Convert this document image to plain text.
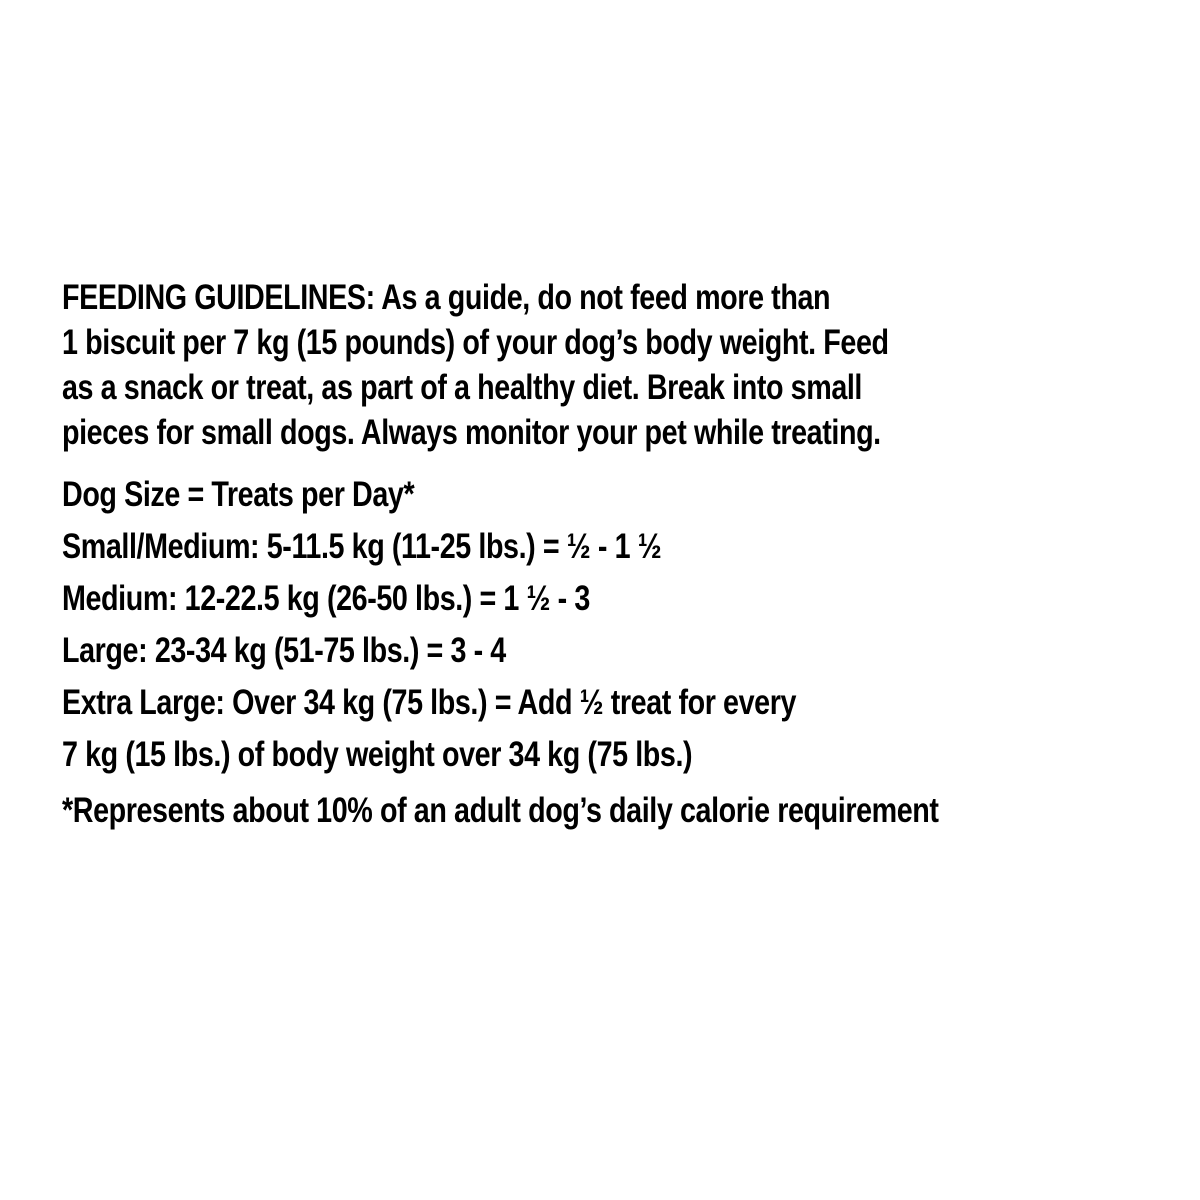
FEEDING GUIDELINES: As a guide, do not feed more than
1 biscuit per 7 kg (15 pounds) of your dog’s body weight. Feed
as a snack or treat, as part of a healthy diet. Break into small
pieces for small dogs. Always monitor your pet while treating.
Dog Size = Treats per Day*
Small/Medium: 5-11.5 kg (11-25 lbs.) = ½ - 1 ½
Medium: 12-22.5 kg (26-50 lbs.) = 1 ½ - 3
Large: 23-34 kg (51-75 lbs.) = 3 - 4
Extra Large: Over 34 kg (75 lbs.) = Add ½ treat for every
7 kg (15 lbs.) of body weight over 34 kg (75 lbs.)
*Represents about 10% of an adult dog’s daily calorie requirement
